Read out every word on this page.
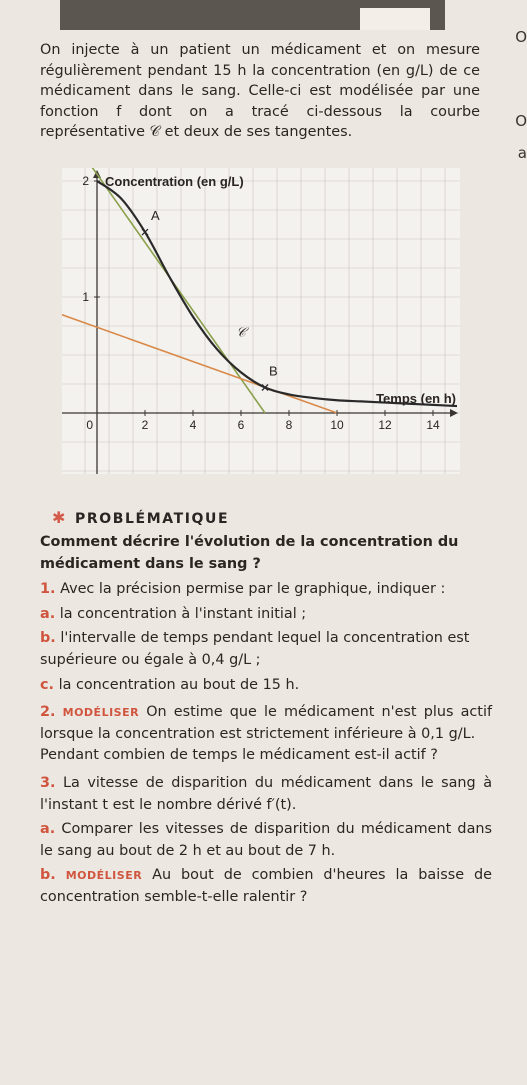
On injecte à un patient un médicament et on mesure régulièrement pendant 15 h la concentration (en g/L) de ce médicament dans le sang. Celle-ci est modélisée par une fonction f dont on a tracé ci-dessous la courbe représentative 𝒞 et deux de ses tangentes.
O
O
a
Concentration (en g/L)
Temps (en h)
0	2	4	6	8	10	12	14
1
2
A
B
𝒞
✱ PROBLÉMATIQUE

Comment décrire l'évolution de la concentration du médicament dans le sang ?

1. Avec la précision permise par le graphique, indiquer :

a. la concentration à l'instant initial ;

b. l'intervalle de temps pendant lequel la concentration est supérieure ou égale à 0,4 g/L ;

c. la concentration au bout de 15 h.

2. MODÉLISER On estime que le médicament n'est plus actif lorsque la concentration est strictement inférieure à 0,1 g/L.

Pendant combien de temps le médicament est-il actif ?

3. La vitesse de disparition du médicament dans le sang à l'instant t est le nombre dérivé f′(t).

a. Comparer les vitesses de disparition du médicament dans le sang au bout de 2 h et au bout de 7 h.

b. MODÉLISER Au bout de combien d'heures la baisse de concentration semble-t-elle ralentir ?
